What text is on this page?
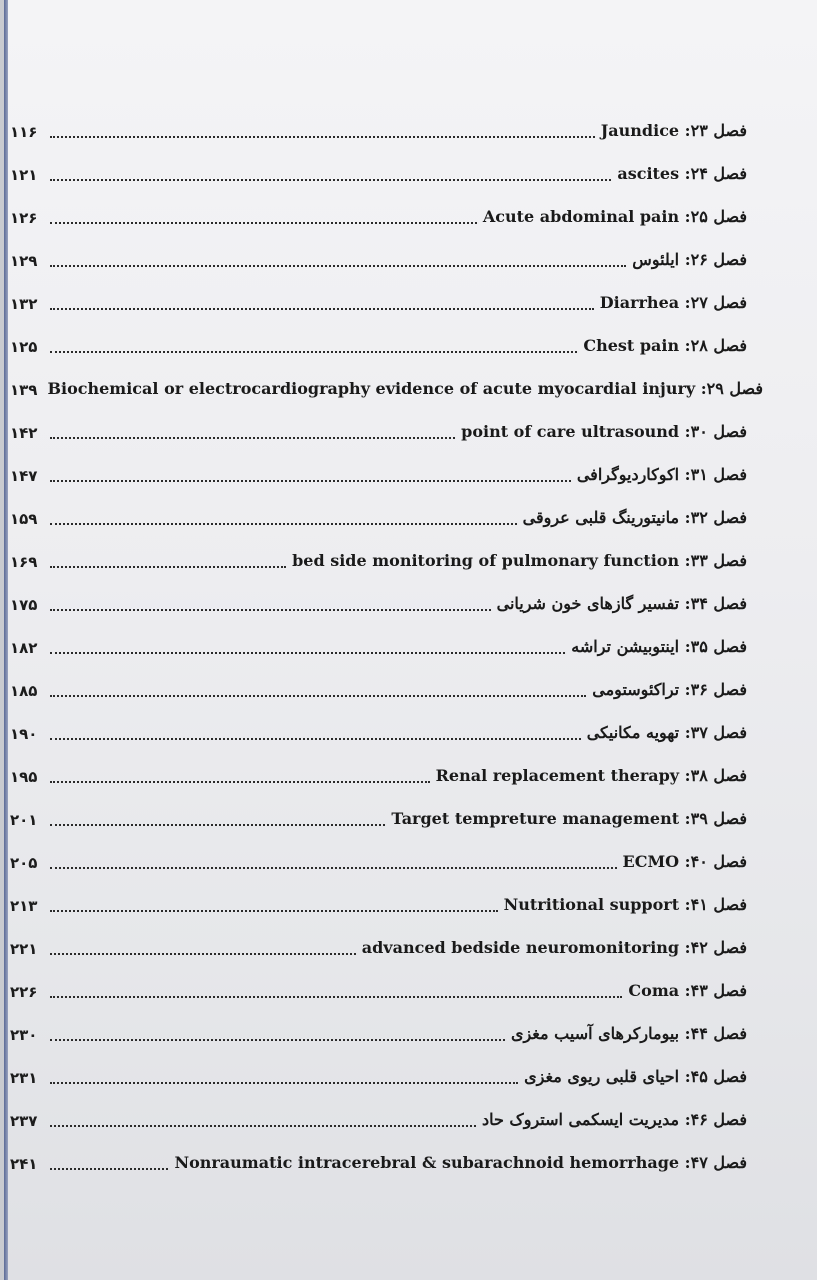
۱۱۶	فصل ۲۳: Jaundice
۱۲۱	فصل ۲۴: ascites
۱۲۶	فصل ۲۵: Acute abdominal pain
۱۲۹	فصل ۲۶: ایلئوس
۱۳۲	فصل ۲۷: Diarrhea
۱۲۵	فصل ۲۸: Chest pain
۱۳۹ فصل ۲۹: Biochemical or electrocardiography evidence of acute myocardial injury
۱۴۲	فصل ۳۰: point of care ultrasound
۱۴۷	فصل ۳۱: اکوکاردیوگرافی
۱۵۹	فصل ۳۲: مانیتورینگ قلبی عروقی
۱۶۹	فصل ۳۳: bed side monitoring of pulmonary function
۱۷۵	فصل ۳۴: تفسیر گازهای خون شریانی
۱۸۲	فصل ۳۵: اینتوبیشن تراشه
۱۸۵	فصل ۳۶: تراکئوستومی
۱۹۰	فصل ۳۷: تهویه مکانیکی
۱۹۵	فصل ۳۸: Renal replacement therapy
۲۰۱	فصل ۳۹: Target tempreture management
۲۰۵	فصل ۴۰: ECMO
۲۱۳	فصل ۴۱: Nutritional support
۲۲۱	فصل ۴۲: advanced bedside neuromonitoring
۲۲۶	فصل ۴۳: Coma
۲۳۰	فصل ۴۴: بیومارکرهای آسیب مغزی
۲۳۱	فصل ۴۵: احیای قلبی ریوی مغزی
۲۳۷	فصل ۴۶: مدیریت ایسکمی استروک حاد
۲۴۱	فصل ۴۷: Nonraumatic intracerebral & subarachnoid hemorrhage
